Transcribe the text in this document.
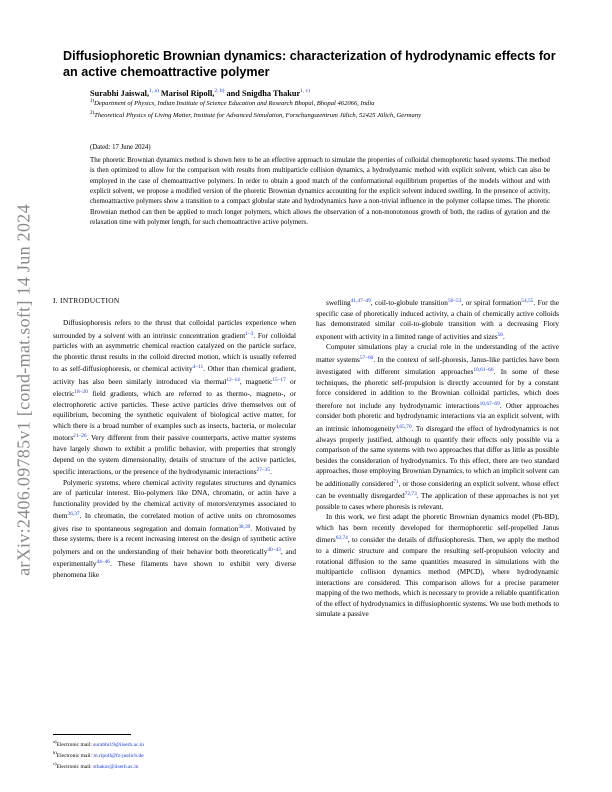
arXiv:2406.09785v1 [cond-mat.soft] 14 Jun 2024
Diffusiophoretic Brownian dynamics: characterization of hydrodynamic effects for an active chemoattractive polymer
Surabhi Jaiswal,$^{1, a)}$ Marisol Ripoll,$^{2, b)}$ and Snigdha Thakur$^{1, c)}$
$^{1)}$Department of Physics, Indian Institute of Science Education and Research Bhopal, Bhopal 462066, India
$^{2)}$Theoretical Physics of Living Matter, Institute for Advanced Simulation, Forschungszentrum Jülich, 52425 Jülich, Germany
(Dated: 17 June 2024)
The phoretic Brownian dynamics method is shown here to be an effective approach to simulate the properties of colloidal chemophoretic based systems. The method is then optimized to allow for the comparison with results from multiparticle collision dynamics, a hydrodynamic method with explicit solvent, which can also be employed in the case of chemoattractive polymers. In order to obtain a good match of the conformational equilibrium properties of the models without and with explicit solvent, we propose a modified version of the phoretic Brownian dynamics accounting for the explicit solvent induced swelling. In the presence of activity, chemoattractive polymers show a transition to a compact globular state and hydrodynamics have a non-trivial influence in the polymer collapse times. The phoretic Brownian method can then be applied to much longer polymers, which allows the observation of a non-monotonous growth of both, the radius of gyration and the relaxation time with polymer length, for such chemoattractive active polymers.
I. INTRODUCTION

Diffusiophoresis refers to the thrust that colloidal particles experience when surrounded by a solvent with an intrinsic concentration gradient$^{1-3}$. For colloidal particles with an asymmetric chemical reaction catalyzed on the particle surface, the phoretic thrust results in the colloid directed motion, which is usually referred to as self-diffusiophoresis, or chemical activity$^{4-11}$. Other than chemical gradient, activity has also been similarly introduced via thermal$^{12-14}$, magnetic$^{15-17}$ or electric$^{18-20}$ field gradients, which are referred to as thermo-, magneto-, or electrophoretic active particles. These active particles drive themselves out of equilibrium, becoming the synthetic equivalent of biological active matter, for which there is a broad number of examples such as insects, bacteria, or molecular motors$^{21-26}$. Very different from their passive counterparts, active matter systems have largely shown to exhibit a prolific behavior, with properties that strongly depend on the system dimensionality, details of structure of the active particles, specific interactions, or the presence of the hydrodynamic interactions$^{27-35}$.

Polymeric systems, where chemical activity regulates structures and dynamics are of particular interest. Bio-polymers like DNA, chromatin, or actin have a functionality provided by the chemical activity of motors/enzymes associated to them$^{36,37}$. In chromatin, the correlated motion of active units on chromosomes gives rise to spontaneous segregation and domain formation$^{38,39}$. Motivated by these systems, there is a recent increasing interest on the design of synthetic active polymers and on the understanding of their behavior both theoretically$^{40-43}$, and experimentally$^{44-46}$. These filaments have shown to exhibit very diverse phenomena like

swelling$^{41,47-49}$, coil-to-globule transition$^{50-53}$, or spiral formation$^{54,55}$. For the specific case of phoretically induced activity, a chain of chemically active colloids has demonstrated similar coil-to-globule transition with a decreasing Flory exponent with activity in a limited range of activities and sizes$^{56}$.

Computer simulations play a crucial role in the understanding of the active matter systems$^{57-60}$. In the context of self-phoresis, Janus-like particles have been investigated with different simulation approaches$^{10,61-66}$. In some of these techniques, the phoretic self-propulsion is directly accounted for by a constant force considered in addition to the Brownian colloidal particles, which does therefore not include any hydrodynamic interactions$^{10,67-69}$. Other approaches consider both phoretic and hydrodynamic interactions via an explicit solvent, with an intrinsic inhomogeneity$^{4,65,70}$. To disregard the effect of hydrodynamics is not always properly justified, although to quantify their effects only possible via a comparison of the same systems with two approaches that differ as little as possible besides the consideration of hydrodynamics. To this effect, there are two standard approaches, those employing Brownian Dynamics, to which an implicit solvent can be additionally considered$^{71}$, or those considering an explicit solvent, whose effect can be eventually disregarded$^{72,73}$. The application of these approaches is not yet possible to cases where phoresis is relevant.

In this work, we first adapt the phoretic Brownian dynamics model (Ph-BD), which has been recently developed for thermophoretic self-propelled Janus dimers$^{63,74}$, to consider the details of diffusiophoresis. Then, we apply the method to a dimeric structure and compare the resulting self-propulsion velocity and rotational diffusion to the same quantities measured in simulations with the multiparticle collision dynamics method (MPCD), where hydrodynamic interactions are considered. This comparison allows for a precise parameter mapping of the two methods, which is necessary to provide a reliable quantification of the effect of hydrodynamics in diffusiophoretic systems. We use both methods to simulate a passive

$^{a)}$Electronic mail: surabhi19@iiserb.ac.in
$^{b)}$Electronic mail: m.ripoll@fz-juelich.de
$^{c)}$Electronic mail: sthakur@iiserb.ac.in
